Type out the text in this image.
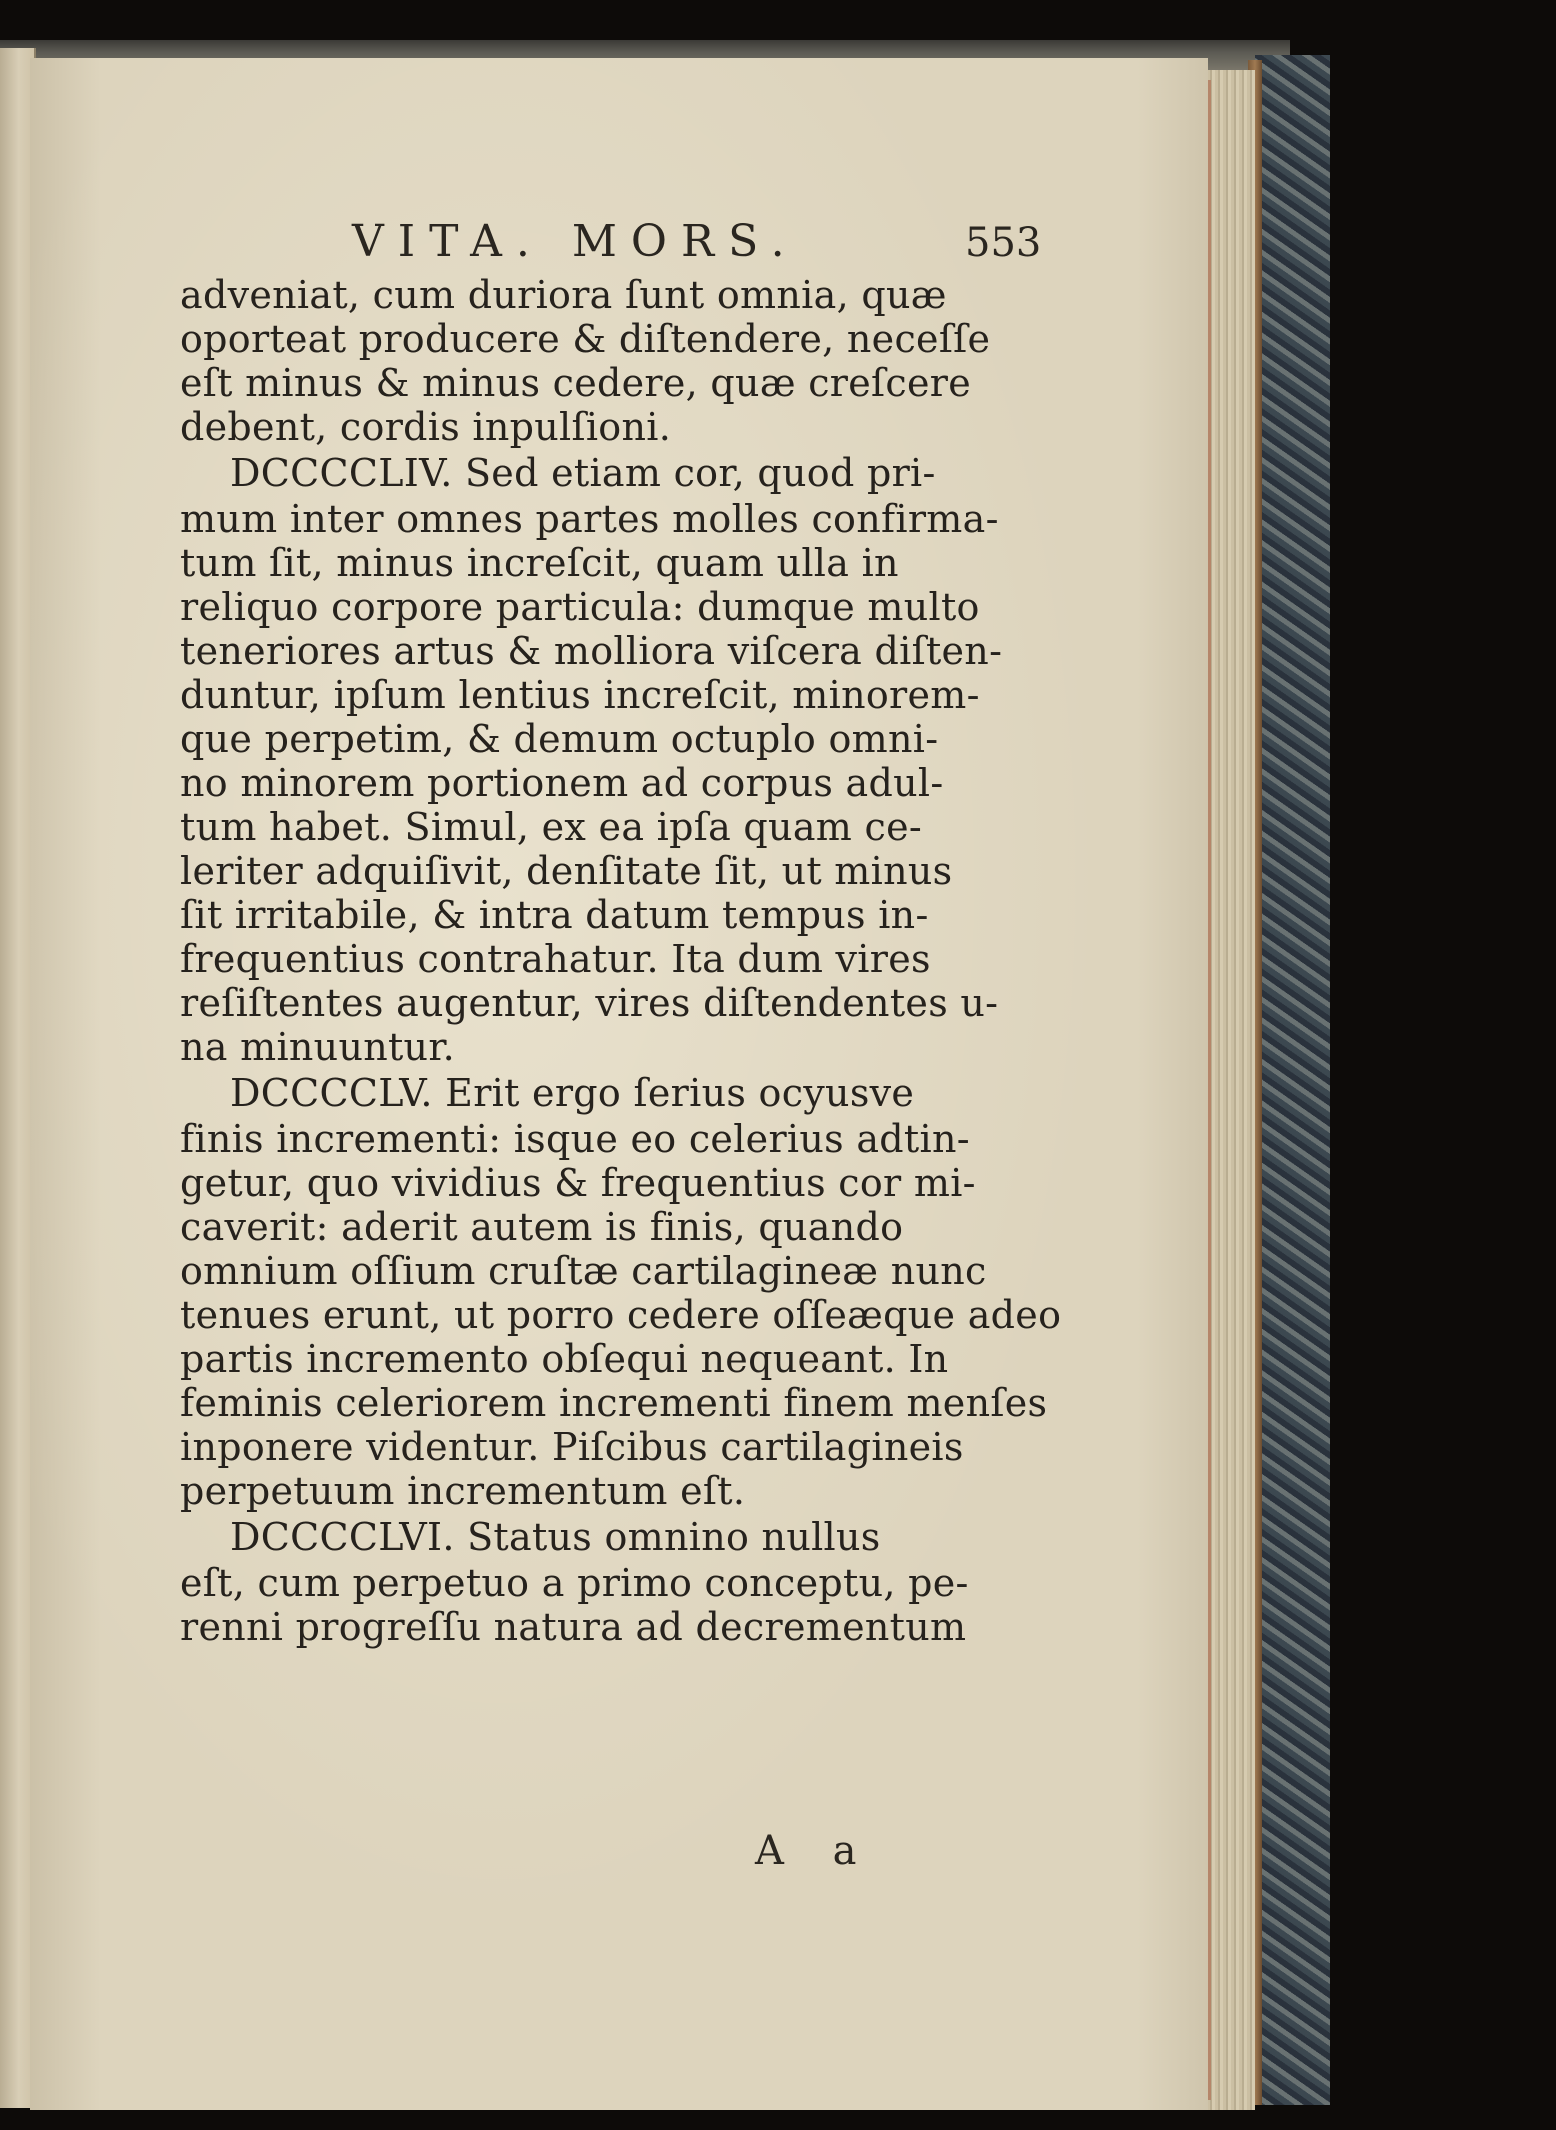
VITA. MORS.	553
adveniat, cum duriora ſunt omnia, quæ
oporteat producere & diſtendere, neceſſe
eſt minus & minus cedere, quæ creſcere
debent, cordis inpulſioni.
DCCCCLIV. Sed etiam cor, quod pri-
mum inter omnes partes molles confirma-
tum ſit, minus increſcit, quam ulla in
reliquo corpore particula: dumque multo
teneriores artus & molliora viſcera diſten-
duntur, ipſum lentius increſcit, minorem-
que perpetim, & demum octuplo omni-
no minorem portionem ad corpus adul-
tum habet. Simul, ex ea ipſa quam ce-
leriter adquiſivit, denſitate ſit, ut minus
ſit irritabile, & intra datum tempus in-
frequentius contrahatur. Ita dum vires
reſiſtentes augentur, vires diſtendentes u-
na minuuntur.
DCCCCLV. Erit ergo ſerius ocyusve
finis incrementi: isque eo celerius adtin-
getur, quo vividius & frequentius cor mi-
caverit: aderit autem is finis, quando
omnium oſſium cruſtæ cartilagineæ nunc
tenues erunt, ut porro cedere oſſeæque adeo
partis incremento obſequi nequeant. In
feminis celeriorem incrementi finem menſes
inponere videntur. Piſcibus cartilagineis
perpetuum incrementum eſt.
DCCCCLVI. Status omnino nullus
eſt, cum perpetuo a primo conceptu, pe-
renni progreſſu natura ad decrementum
A a
